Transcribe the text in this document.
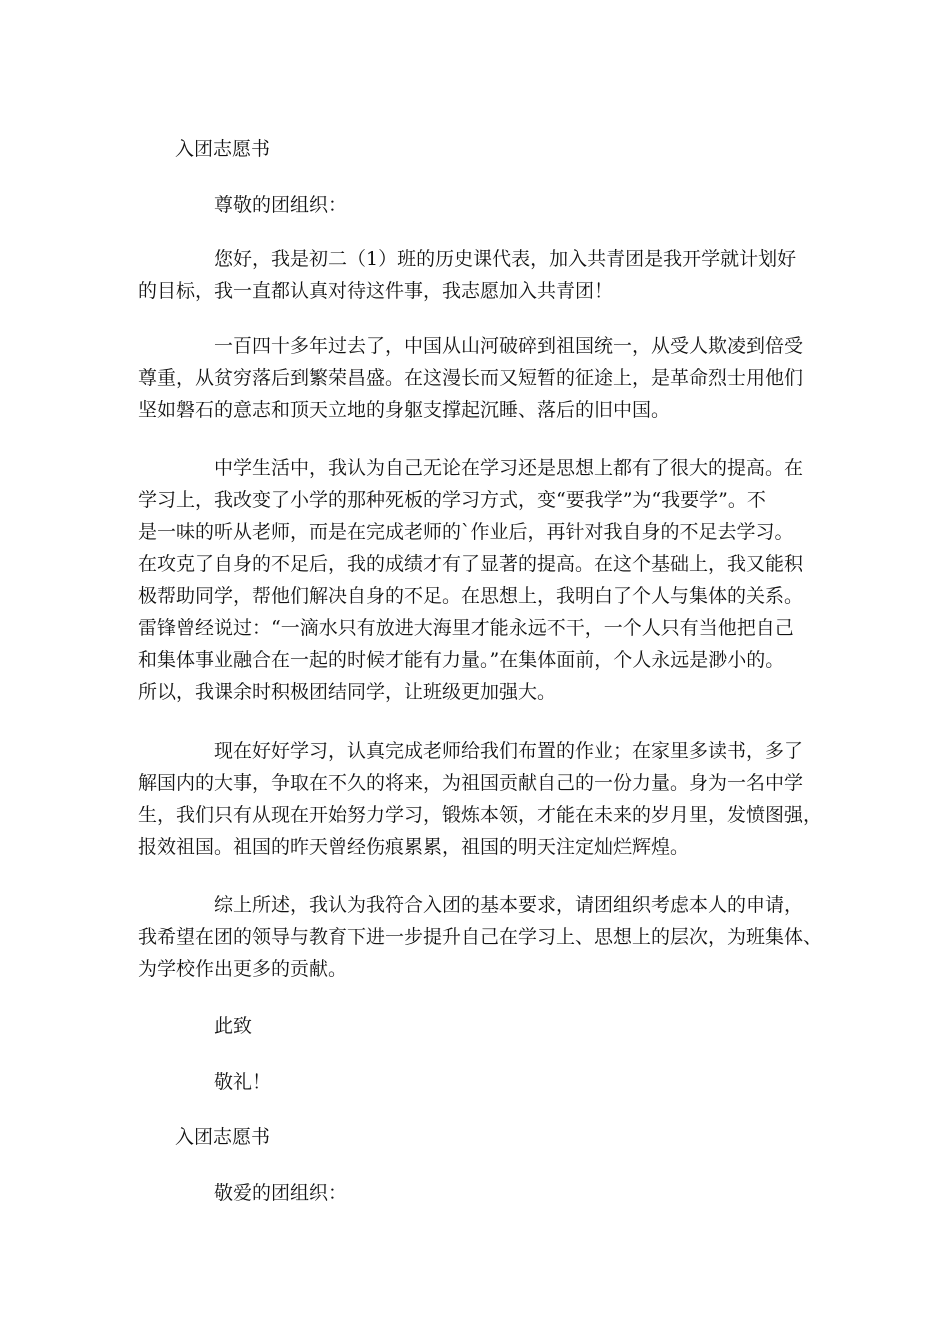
入团志愿书
尊敬的团组织：
您好，我是初二（1）班的历史课代表，加入共青团是我开学就计划好
的目标，我一直都认真对待这件事，我志愿加入共青团！
一百四十多年过去了，中国从山河破碎到祖国统一，从受人欺凌到倍受
尊重，从贫穷落后到繁荣昌盛。在这漫长而又短暂的征途上，是革命烈士用他们
坚如磐石的意志和顶天立地的身躯支撑起沉睡、落后的旧中国。
中学生活中，我认为自己无论在学习还是思想上都有了很大的提高。在
学习上，我改变了小学的那种死板的学习方式，变“要我学”为“我要学”。不
是一味的听从老师，而是在完成老师的`作业后，再针对我自身的不足去学习。
在攻克了自身的不足后，我的成绩才有了显著的提高。在这个基础上，我又能积
极帮助同学，帮他们解决自身的不足。在思想上，我明白了个人与集体的关系。
雷锋曾经说过：“一滴水只有放进大海里才能永远不干，一个人只有当他把自己
和集体事业融合在一起的时候才能有力量。”在集体面前，个人永远是渺小的。
所以，我课余时积极团结同学，让班级更加强大。
现在好好学习，认真完成老师给我们布置的作业；在家里多读书，多了
解国内的大事，争取在不久的将来，为祖国贡献自己的一份力量。身为一名中学
生，我们只有从现在开始努力学习，锻炼本领，才能在未来的岁月里，发愤图强，
报效祖国。祖国的昨天曾经伤痕累累，祖国的明天注定灿烂辉煌。
综上所述，我认为我符合入团的基本要求，请团组织考虑本人的申请，
我希望在团的领导与教育下进一步提升自己在学习上、思想上的层次，为班集体、
为学校作出更多的贡献。
此致
敬礼！
入团志愿书
敬爱的团组织：
